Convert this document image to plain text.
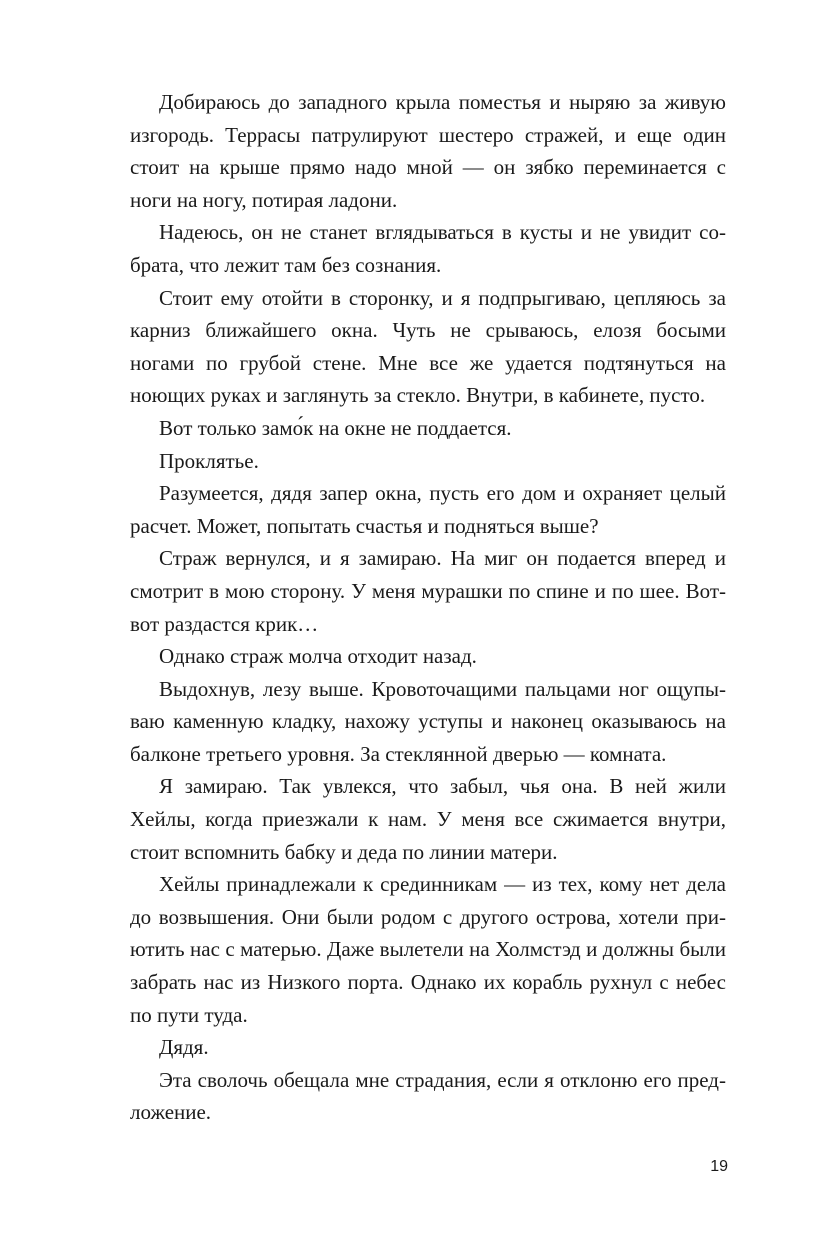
Добираюсь до западного крыла поместья и ныряю за живую изгородь. Террасы патрулируют шестеро стражей, и еще один стоит на крыше прямо надо мной — он зябко переминается с ноги на ногу, потирая ладони.

Надеюсь, он не станет вглядываться в кусты и не увидит собрата, что лежит там без сознания.

Стоит ему отойти в сторонку, и я подпрыгиваю, цепляюсь за карниз ближайшего окна. Чуть не срываюсь, елозя босыми ногами по грубой стене. Мне все же удается подтянуться на ноющих руках и заглянуть за стекло. Внутри, в кабинете, пусто.

Вот только замо́к на окне не поддается.

Проклятье.

Разумеется, дядя запер окна, пусть его дом и охраняет целый расчет. Может, попытать счастья и подняться выше?

Страж вернулся, и я замираю. На миг он подается вперед и смотрит в мою сторону. У меня мурашки по спине и по шее. Вот-вот раздастся крик…

Однако страж молча отходит назад.

Выдохнув, лезу выше. Кровоточащими пальцами ног ощупываю каменную кладку, нахожу уступы и наконец оказываюсь на балконе третьего уровня. За стеклянной дверью — комната.

Я замираю. Так увлекся, что забыл, чья она. В ней жили Хейлы, когда приезжали к нам. У меня все сжимается внутри, стоит вспомнить бабку и деда по линии матери.

Хейлы принадлежали к срединникам — из тех, кому нет дела до возвышения. Они были родом с другого острова, хотели приютить нас с матерью. Даже вылетели на Холмстэд и должны были забрать нас из Низкого порта. Однако их корабль рухнул с небес по пути туда.

Дядя.

Эта сволочь обещала мне страдания, если я отклоню его предложение.

19
